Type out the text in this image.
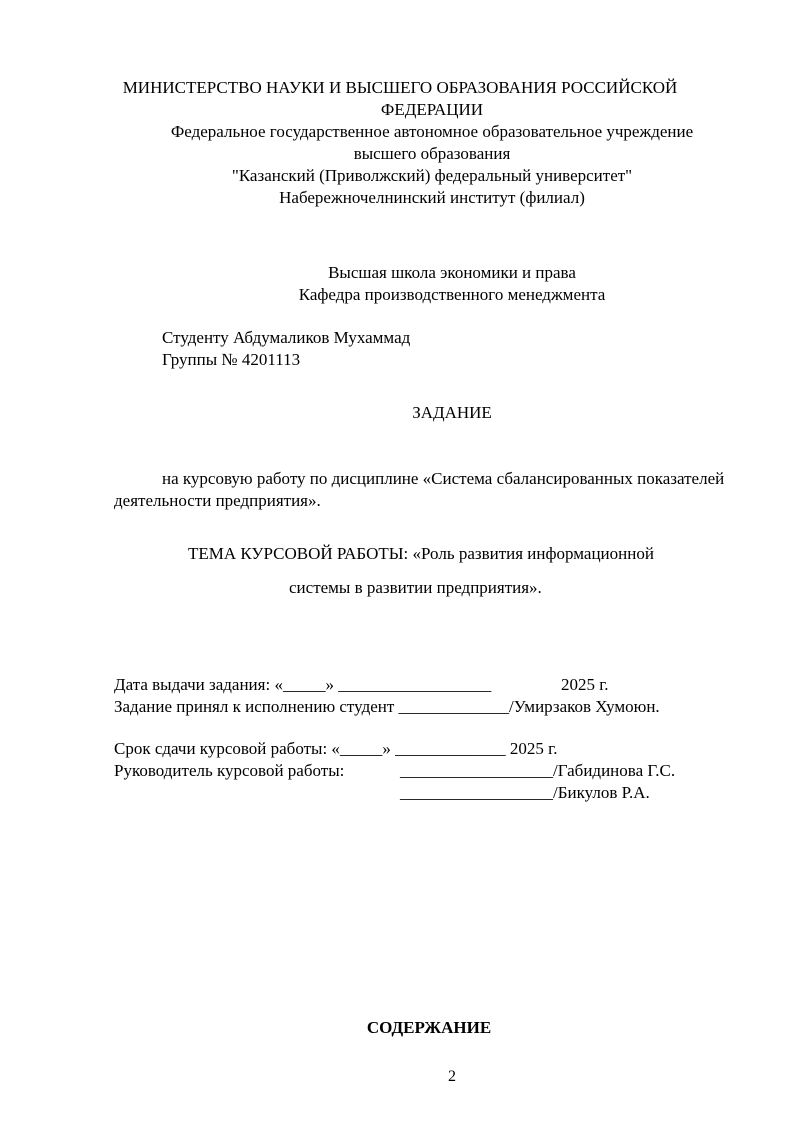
МИНИСТЕРСТВО НАУКИ И ВЫСШЕГО ОБРАЗОВАНИЯ РОССИЙСКОЙ
ФЕДЕРАЦИИ
Федеральное государственное автономное образовательное учреждение
высшего образования
"Казанский (Приволжский) федеральный университет"
Набережночелнинский институт (филиал)
Высшая школа экономики и права
Кафедра производственного менеджмента
Студенту Абдумаликов Мухаммад
Группы № 4201113
ЗАДАНИЕ
на курсовую работу по дисциплине «Система сбалансированных показателей
деятельности предприятия».
ТЕМА КУРСОВОЙ РАБОТЫ: «Роль развития информационной
системы в развитии предприятия».
Дата выдачи задания: «_____» __________________	2025 г.
Задание принял к исполнению студент _____________/Умирзаков Хумоюн.
Срок сдачи курсовой работы: «_____» _____________ 2025 г.
Руководитель курсовой работы:	__________________/Габидинова Г.С.
__________________/Бикулов Р.А.
СОДЕРЖАНИЕ
2
